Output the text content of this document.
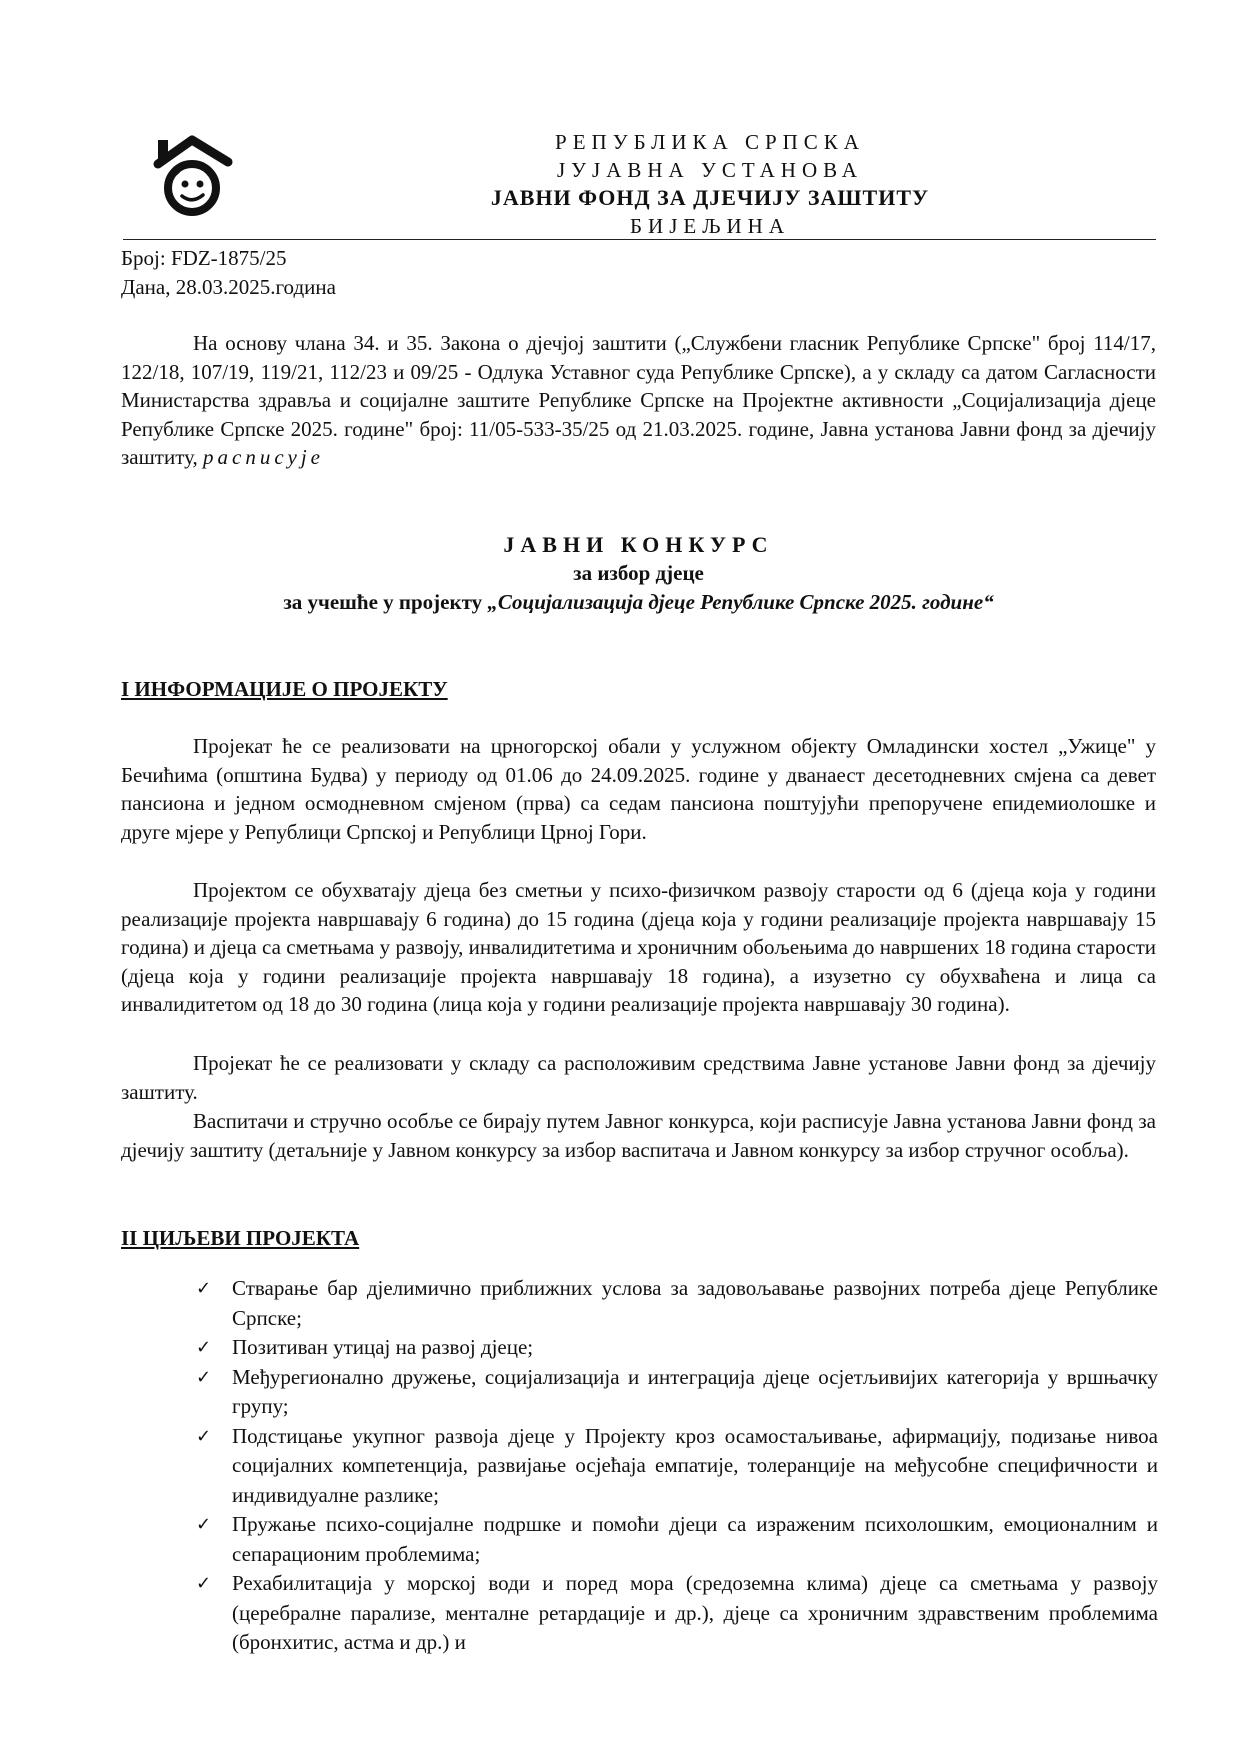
РЕПУБЛИКА СРПСКА
ЈУЈАВНА УСТАНОВА
ЈАВНИ ФОНД ЗА ДЈЕЧИЈУ ЗАШТИТУ
БИЈЕЉИНА
Број: FDZ-1875/25
Дана, 28.03.2025.година
На основу члана 34. и 35. Закона о дјечјој заштити („Службени гласник Републике Српске" број 114/17, 122/18, 107/19, 119/21, 112/23 и 09/25 - Одлука Уставног суда Републике Српске), а у складу са датом Сагласности Министарства здравља и социјалне заштите Републике Српске на Пројектне активности „Социјализација дјеце Републике Српске 2025. године" број: 11/05-533-35/25 од 21.03.2025. године, Јавна установа Јавни фонд за дјечију заштиту, расписује
ЈАВНИ КОНКУРС
за избор дјеце
за учешће у пројекту „Социјализација дјеце Републике Српске 2025. године“
I ИНФОРМАЦИЈЕ О ПРОЈЕКТУ
Пројекат ће се реализовати на црногорској обали у услужном објекту Омладински хостел „Ужице" у Бечићима (општина Будва) у периоду од 01.06 до 24.09.2025. године у дванаест десетодневних смјена са девет пансиона и једном осмодневном смјеном (прва) са седам пансиона поштујући препоручене епидемиолошке и друге мјере у Републици Српској и Републици Црној Гори.
Пројектом се обухватају дјеца без сметњи у психо-физичком развоју старости од 6 (дјеца која у години реализације пројекта навршавају 6 година) до 15 година (дјеца која у години реализације пројекта навршавају 15 година) и дјеца са сметњама у развоју, инвалидитетима и хроничним обољењима до навршених 18 година старости (дјеца која у години реализације пројекта навршавају 18 година), а изузетно су обухваћена и лица са инвалидитетом од 18 до 30 година (лица која у години реализације пројекта навршавају 30 година).
Пројекат ће се реализовати у складу са расположивим средствима Јавне установе Јавни фонд за дјечију заштиту.
Васпитачи и стручно особље се бирају путем Јавног конкурса, који расписује Јавна установа Јавни фонд за дјечију заштиту (детаљније у Јавном конкурсу за избор васпитача и Јавном конкурсу за избор стручног особља).
II ЦИЉЕВИ ПРОЈЕКТА
✓ Стварање бар дјелимично приближних услова за задовољавање развојних потреба дјеце Републике Српске;
✓ Позитиван утицај на развој дјеце;
✓ Међурегионално дружење, социјализација и интеграција дјеце осјетљивијих категорија у вршњачку групу;
✓ Подстицање укупног развоја дјеце у Пројекту кроз осамостаљивање, афирмацију, подизање нивоа социјалних компетенција, развијање осјећаја емпатије, толеранције на међусобне специфичности и индивидуалне разлике;
✓ Пружање психо-социјалне подршке и помоћи дјеци са израженим психолошким, емоционалним и сепарационим проблемима;
✓ Рехабилитација у морској води и поред мора (средоземна клима) дјеце са сметњама у развоју (церебралне парализе, менталне ретардације и др.), дјеце са хроничним здравственим проблемима (бронхитис, астма и др.) и
